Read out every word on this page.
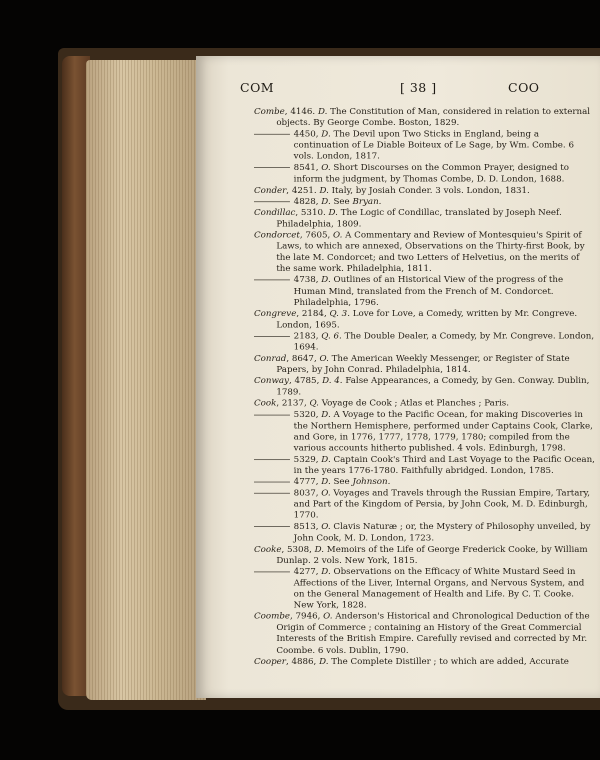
COM	[ 38 ]	COO

Combe, 4146. D. The Constitution of Man, considered in relation to external objects. By George Combe. Boston, 1829.

4450, D. The Devil upon Two Sticks in England, being a continuation of Le Diable Boiteux of Le Sage, by Wm. Combe. 6 vols. London, 1817.

8541, O. Short Discourses on the Common Prayer, designed to inform the judgment, by Thomas Combe, D. D. London, 1688.

Conder, 4251. D. Italy, by Josiah Conder. 3 vols. London, 1831.

4828, D. See Bryan.

Condillac, 5310. D. The Logic of Condillac, translated by Joseph Neef. Philadelphia, 1809.

Condorcet, 7605, O. A Commentary and Review of Montesquieu's Spirit of Laws, to which are annexed, Observations on the Thirty-first Book, by the late M. Condorcet; and two Letters of Helvetius, on the merits of the same work. Philadelphia, 1811.

4738, D. Outlines of an Historical View of the progress of the Human Mind, translated from the French of M. Condorcet. Philadelphia, 1796.

Congreve, 2184, Q. 3. Love for Love, a Comedy, written by Mr. Congreve. London, 1695.

2183, Q. 6. The Double Dealer, a Comedy, by Mr. Congreve. London, 1694.

Conrad, 8647, O. The American Weekly Messenger, or Register of State Papers, by John Conrad. Philadelphia, 1814.

Conway, 4785, D. 4. False Appearances, a Comedy, by Gen. Conway. Dublin, 1789.

Cook, 2137, Q. Voyage de Cook ; Atlas et Planches ; Paris.

5320, D. A Voyage to the Pacific Ocean, for making Discoveries in the Northern Hemisphere, performed under Captains Cook, Clarke, and Gore, in 1776, 1777, 1778, 1779, 1780; compiled from the various accounts hitherto published. 4 vols. Edinburgh, 1798.

5329, D. Captain Cook's Third and Last Voyage to the Pacific Ocean, in the years 1776-1780. Faithfully abridged. London, 1785.

4777, D. See Johnson.

8037, O. Voyages and Travels through the Russian Empire, Tartary, and Part of the Kingdom of Persia, by John Cook, M. D. Edinburgh, 1770.

8513, O. Clavis Naturæ ; or, the Mystery of Philosophy unveiled, by John Cook, M. D. London, 1723.

Cooke, 5308, D. Memoirs of the Life of George Frederick Cooke, by William Dunlap. 2 vols. New York, 1815.

4277, D. Observations on the Efficacy of White Mustard Seed in Affections of the Liver, Internal Organs, and Nervous System, and on the General Management of Health and Life. By C. T. Cooke. New York, 1828.

Coombe, 7946, O. Anderson's Historical and Chronological Deduction of the Origin of Commerce ; containing an History of the Great Commercial Interests of the British Empire. Carefully revised and corrected by Mr. Coombe. 6 vols. Dublin, 1790.

Cooper, 4886, D. The Complete Distiller ; to which are added, Accurate
